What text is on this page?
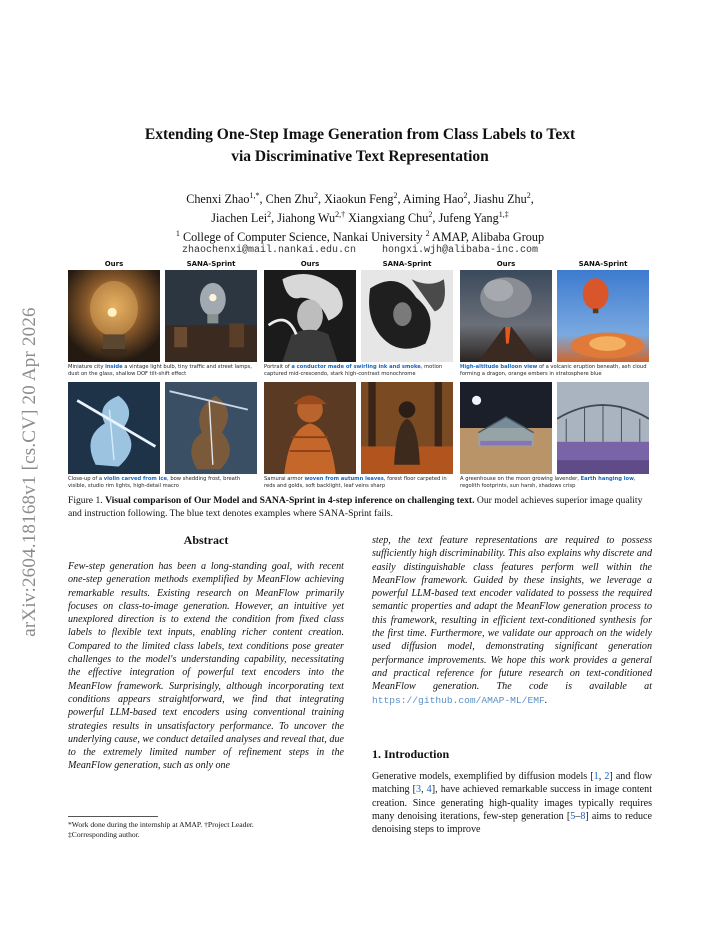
arXiv:2604.18168v1 [cs.CV] 20 Apr 2026
Extending One-Step Image Generation from Class Labels to Text
via Discriminative Text Representation
Chenxi Zhao$^{1,*}$, Chen Zhu$^2$, Xiaokun Feng$^2$, Aiming Hao$^2$, Jiashu Zhu$^2$,
Jiachen Lei$^2$, Jiahong $Wu^{2,\dagger}$ Xiangxiang Chu$^2$, Jufeng Yang$^{1,\ddagger}$
$^1$ College of Computer Science, Nankai University $^2$ AMAP, Alibaba Group
zhaochenxi@mail.nankai.edu.cn	hongxi.wjh@alibaba-inc.com
Ours	SANA-Sprint	Ours	SANA-Sprint	Ours	SANA-Sprint
Miniature city inside a vintage light bulb, tiny traffic and street lamps, dust on the glass, shallow DOF tilt-shift effect
Portrait of a conductor made of swirling ink and smoke, motion captured mid-crescendo, stark high-contrast monochrome
High-altitude balloon view of a volcanic eruption beneath, ash cloud forming a dragon, orange embers in stratosphere blue
Close-up of a violin carved from ice, bow shedding frost, breath visible, studio rim lights, high-detail macro
Samurai armor woven from autumn leaves, forest floor carpeted in reds and golds, soft backlight, leaf veins sharp
A greenhouse on the moon growing lavender, Earth hanging low, regolith footprints, sun harsh, shadows crisp
Figure 1. Visual comparison of Our Model and SANA-Sprint in 4-step inference on challenging text. Our model achieves superior image quality and instruction following. The blue text denotes examples where SANA-Sprint fails.
Abstract
Few-step generation has been a long-standing goal, with recent one-step generation methods exemplified by MeanFlow achieving remarkable results. Existing research on MeanFlow primarily focuses on class-to-image generation. However, an intuitive yet unexplored direction is to extend the condition from fixed class labels to flexible text inputs, enabling richer content creation. Compared to the limited class labels, text conditions pose greater challenges to the model's understanding capability, necessitating the effective integration of powerful text encoders into the MeanFlow framework. Surprisingly, although incorporating text conditions appears straightforward, we find that integrating powerful LLM-based text encoders using conventional training strategies results in unsatisfactory performance. To uncover the underlying cause, we conduct detailed analyses and reveal that, due to the extremely limited number of refinement steps in the MeanFlow generation, such as only one
step, the text feature representations are required to possess sufficiently high discriminability. This also explains why discrete and easily distinguishable class features perform well within the MeanFlow framework. Guided by these insights, we leverage a powerful LLM-based text encoder validated to possess the required semantic properties and adapt the MeanFlow generation process to this framework, resulting in efficient text-conditioned synthesis for the first time. Furthermore, we validate our approach on the widely used diffusion model, demonstrating significant generation performance improvements. We hope this work provides a general and practical reference for future research on text-conditioned MeanFlow generation. The code is available at https://github.com/AMAP-ML/EMF.
1. Introduction
Generative models, exemplified by diffusion models [1, 2] and flow matching [3, 4], have achieved remarkable success in image content creation. Since generating high-quality images typically requires many denoising iterations, few-step generation [5–8] aims to reduce denoising steps to improve
*Work done during the internship at AMAP. †Project Leader.
‡Corresponding author.
